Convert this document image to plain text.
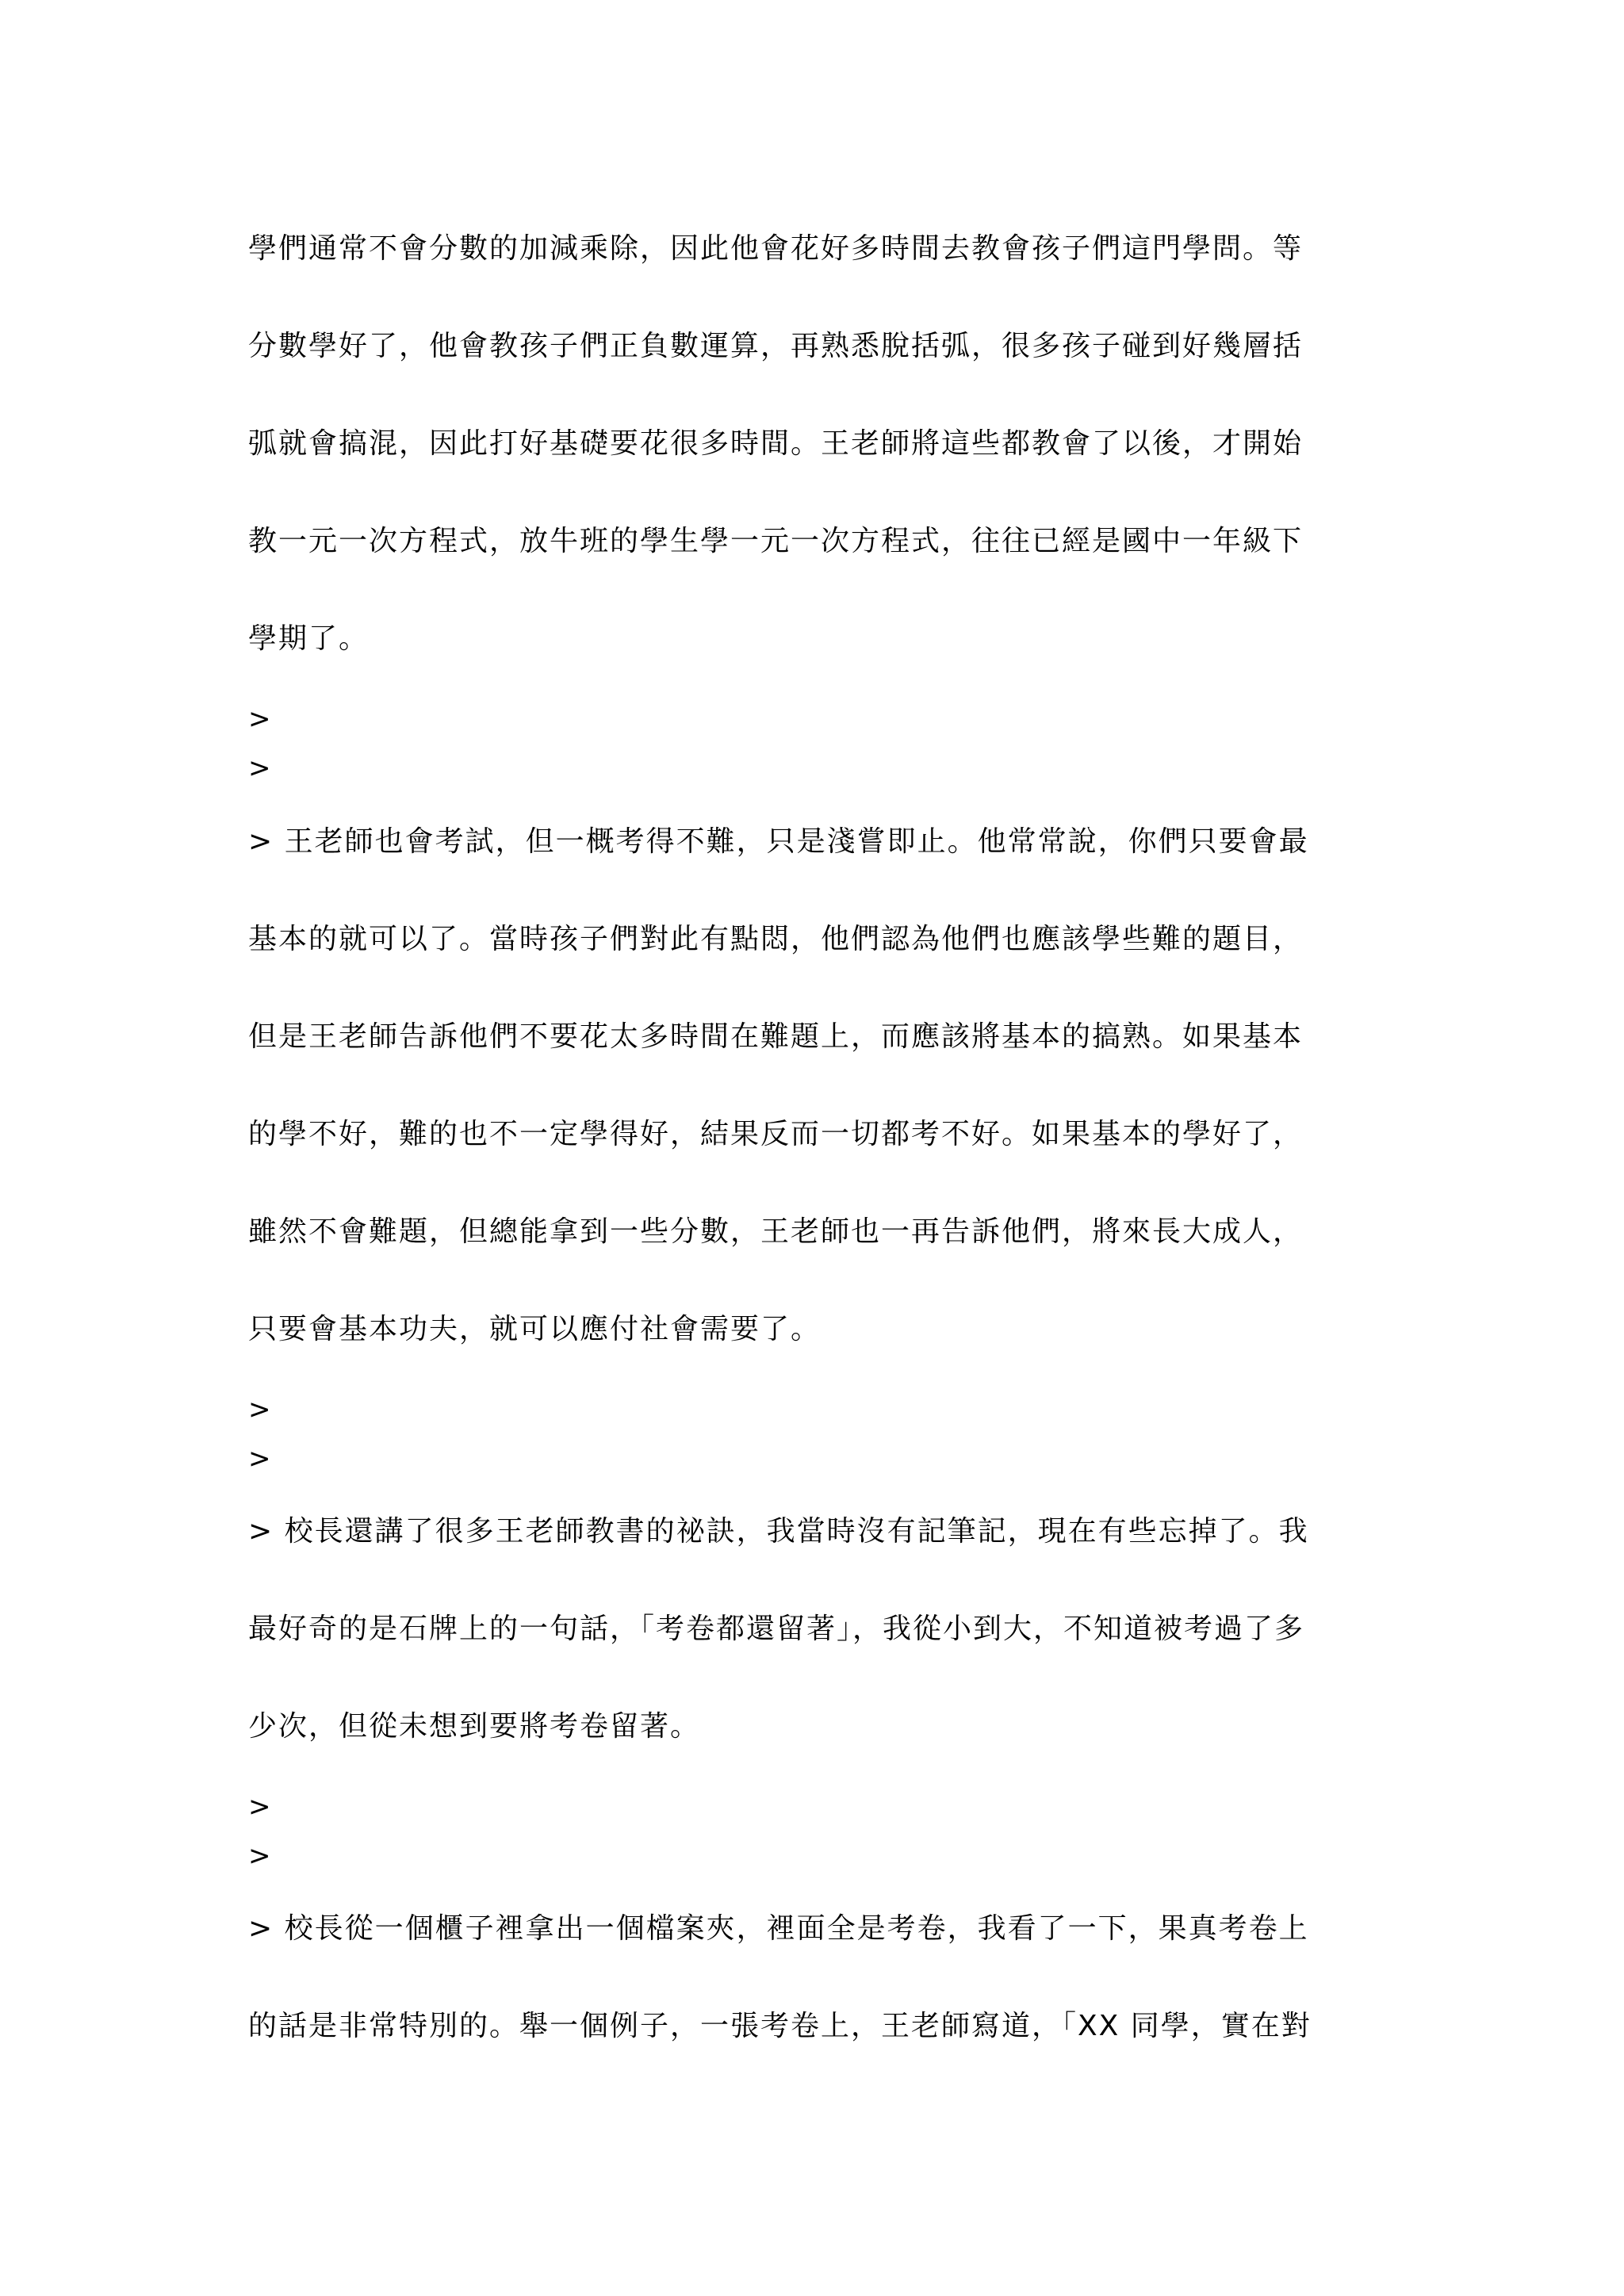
學們通常不會分數的加減乘除，因此他會花好多時間去教會孩子們這門學問。等
分數學好了，他會教孩子們正負數運算，再熟悉脫括弧，很多孩子碰到好幾層括
弧就會搞混，因此打好基礎要花很多時間。王老師將這些都教會了以後，才開始
教一元一次方程式，放牛班的學生學一元一次方程式，往往已經是國中一年級下
學期了。
>
>
> 王老師也會考試，但一概考得不難，只是淺嘗即止。他常常說，你們只要會最
基本的就可以了。當時孩子們對此有點悶，他們認為他們也應該學些難的題目，
但是王老師告訴他們不要花太多時間在難題上，而應該將基本的搞熟。如果基本
的學不好，難的也不一定學得好，結果反而一切都考不好。如果基本的學好了，
雖然不會難題，但總能拿到一些分數，王老師也一再告訴他們，將來長大成人，
只要會基本功夫，就可以應付社會需要了。
>
>
> 校長還講了很多王老師教書的祕訣，我當時沒有記筆記，現在有些忘掉了。我
最好奇的是石牌上的一句話，「考卷都還留著」，我從小到大，不知道被考過了多
少次，但從未想到要將考卷留著。
>
>
> 校長從一個櫃子裡拿出一個檔案夾，裡面全是考卷，我看了一下，果真考卷上
的話是非常特別的。舉一個例子，一張考卷上，王老師寫道，「XX 同學，實在對
